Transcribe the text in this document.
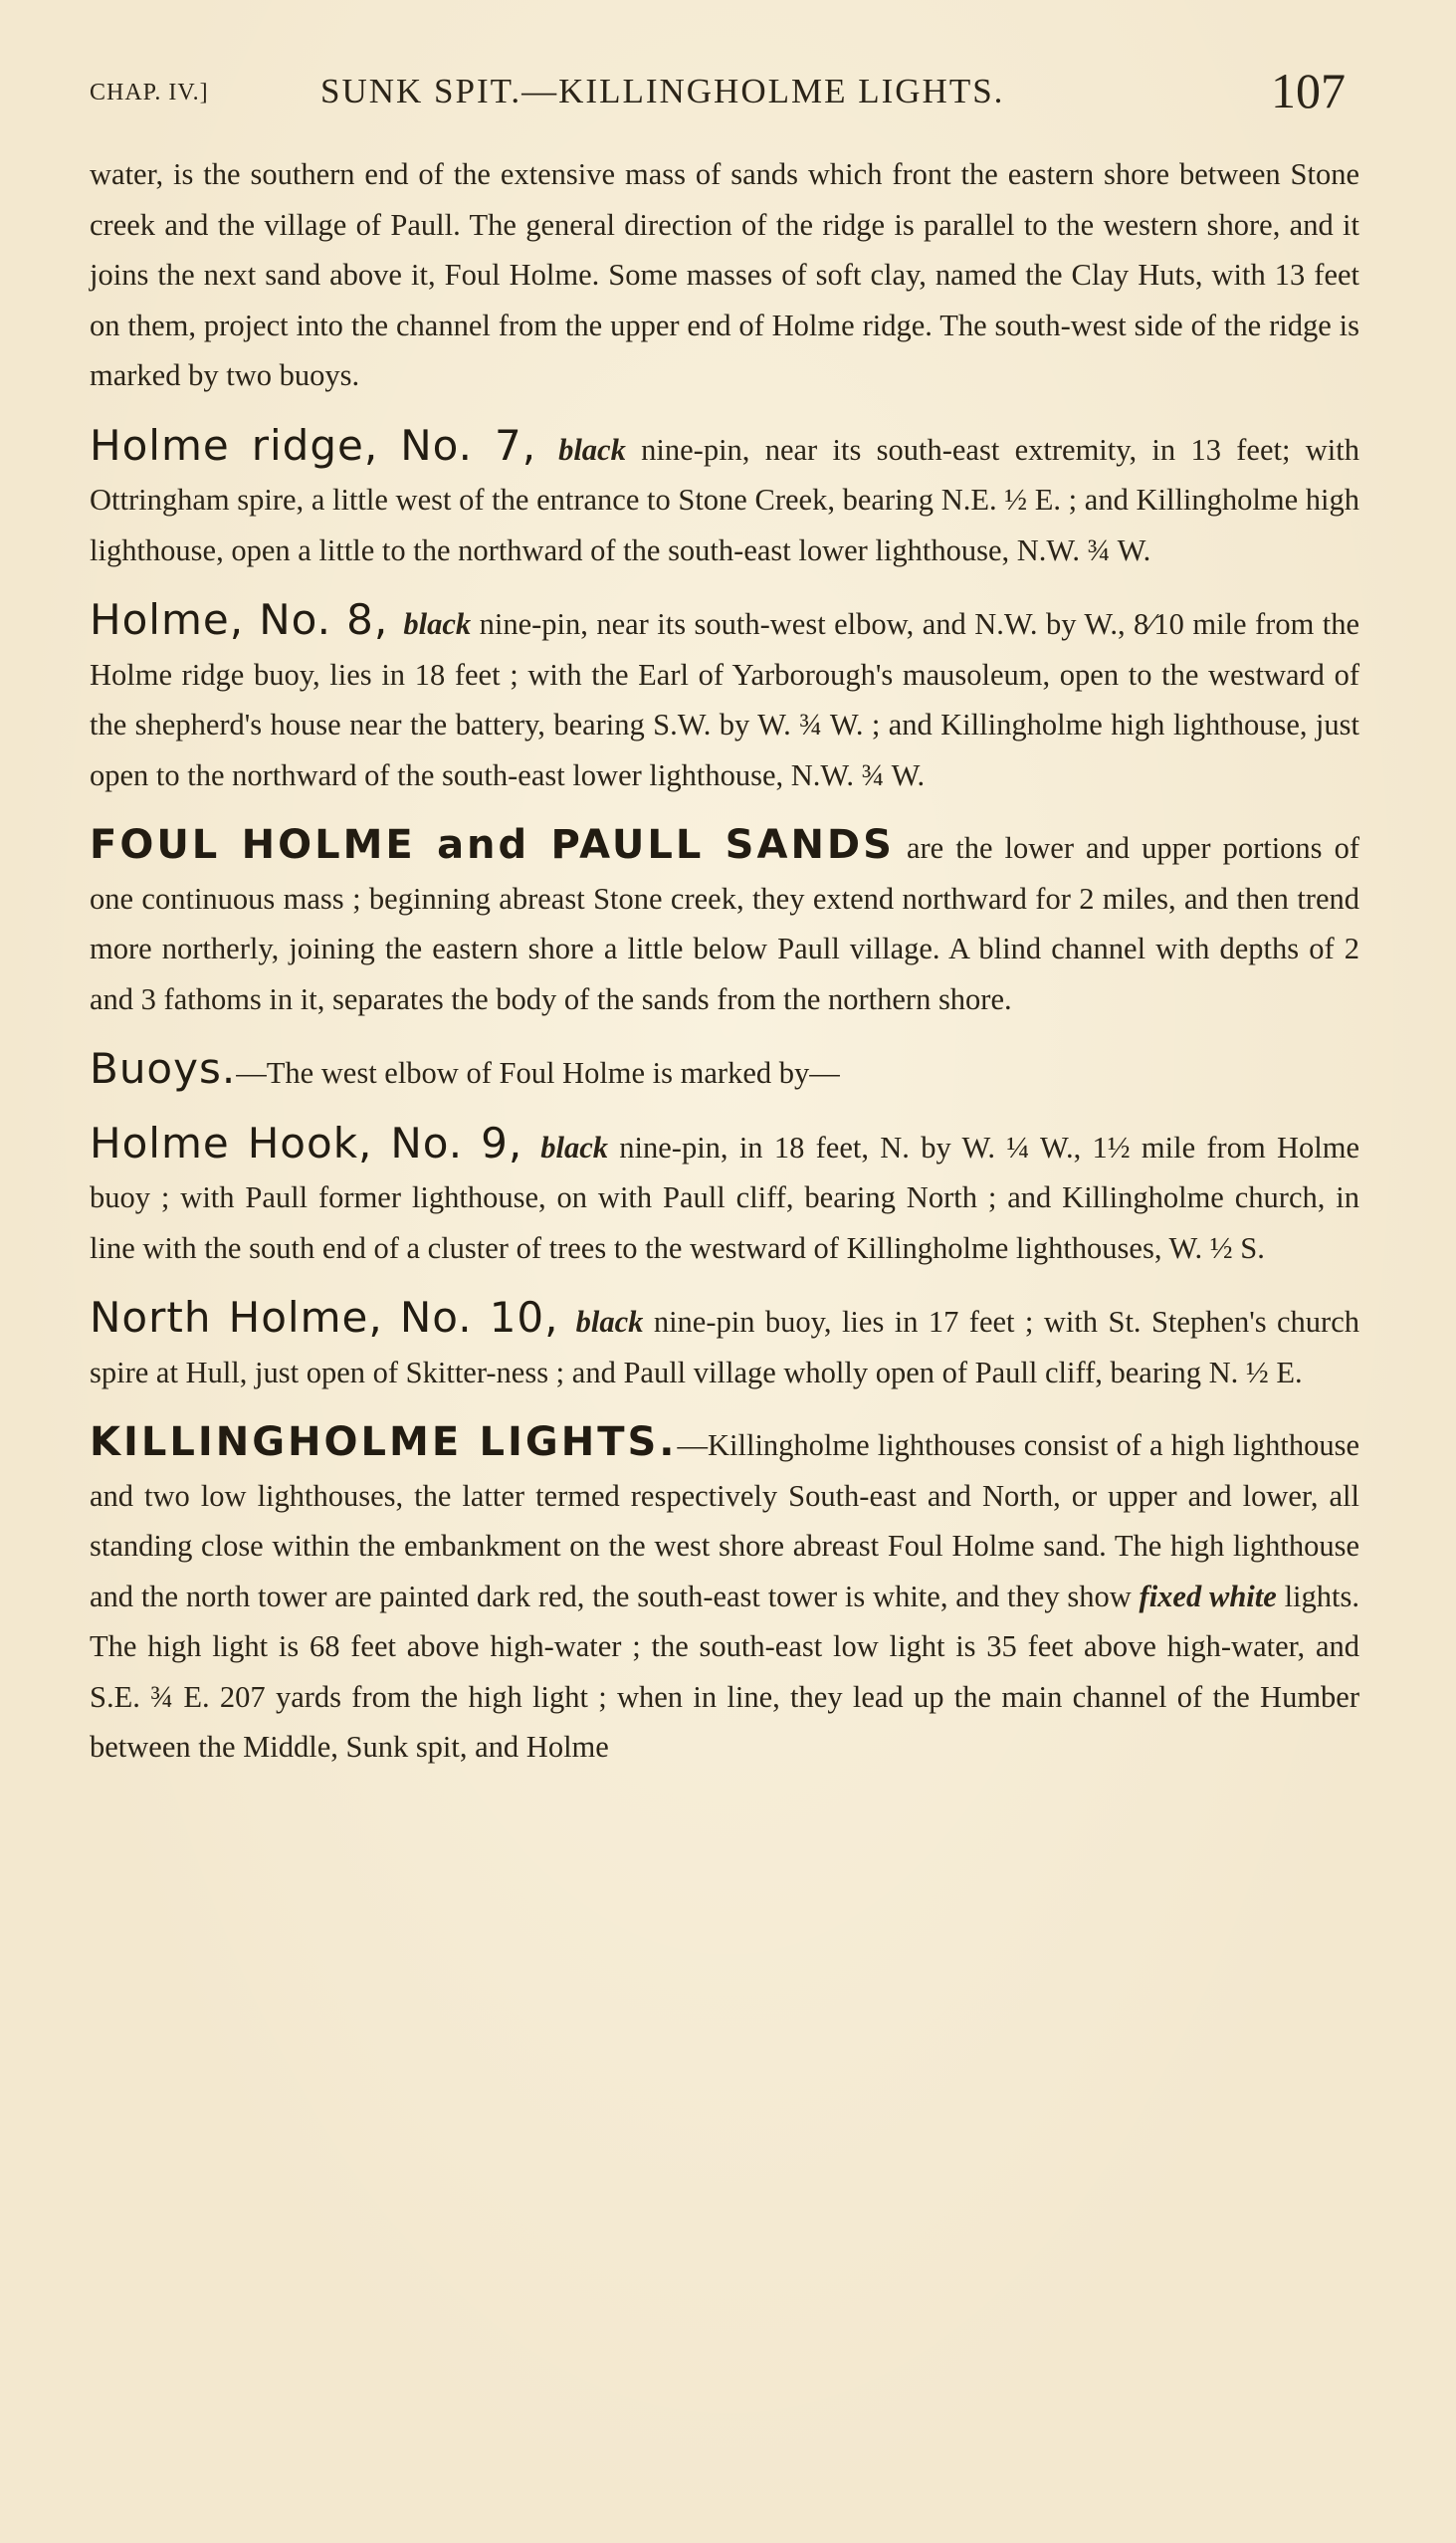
CHAP. IV.]	SUNK SPIT.—KILLINGHOLME LIGHTS.	107

water, is the southern end of the extensive mass of sands which front the eastern shore between Stone creek and the village of Paull. The general direction of the ridge is parallel to the western shore, and it joins the next sand above it, Foul Holme. Some masses of soft clay, named the Clay Huts, with 13 feet on them, project into the channel from the upper end of Holme ridge. The south-west side of the ridge is marked by two buoys.

Holme ridge, No. 7, black nine-pin, near its south-east extremity, in 13 feet; with Ottringham spire, a little west of the entrance to Stone Creek, bearing N.E. ½ E. ; and Killingholme high lighthouse, open a little to the northward of the south-east lower lighthouse, N.W. ¾ W.

Holme, No. 8, black nine-pin, near its south-west elbow, and N.W. by W., 8⁄10 mile from the Holme ridge buoy, lies in 18 feet ; with the Earl of Yarborough's mausoleum, open to the westward of the shepherd's house near the battery, bearing S.W. by W. ¾ W. ; and Killingholme high lighthouse, just open to the northward of the south-east lower lighthouse, N.W. ¾ W.

FOUL HOLME and PAULL SANDS are the lower and upper portions of one continuous mass ; beginning abreast Stone creek, they extend northward for 2 miles, and then trend more northerly, joining the eastern shore a little below Paull village. A blind channel with depths of 2 and 3 fathoms in it, separates the body of the sands from the northern shore.

Buoys.—The west elbow of Foul Holme is marked by—

Holme Hook, No. 9, black nine-pin, in 18 feet, N. by W. ¼ W., 1½ mile from Holme buoy ; with Paull former lighthouse, on with Paull cliff, bearing North ; and Killingholme church, in line with the south end of a cluster of trees to the westward of Killingholme lighthouses, W. ½ S.

North Holme, No. 10, black nine-pin buoy, lies in 17 feet ; with St. Stephen's church spire at Hull, just open of Skitter-ness ; and Paull village wholly open of Paull cliff, bearing N. ½ E.

KILLINGHOLME LIGHTS.—Killingholme lighthouses consist of a high lighthouse and two low lighthouses, the latter termed respectively South-east and North, or upper and lower, all standing close within the embankment on the west shore abreast Foul Holme sand. The high lighthouse and the north tower are painted dark red, the south-east tower is white, and they show fixed white lights. The high light is 68 feet above high-water ; the south-east low light is 35 feet above high-water, and S.E. ¾ E. 207 yards from the high light ; when in line, they lead up the main channel of the Humber between the Middle, Sunk spit, and Holme
